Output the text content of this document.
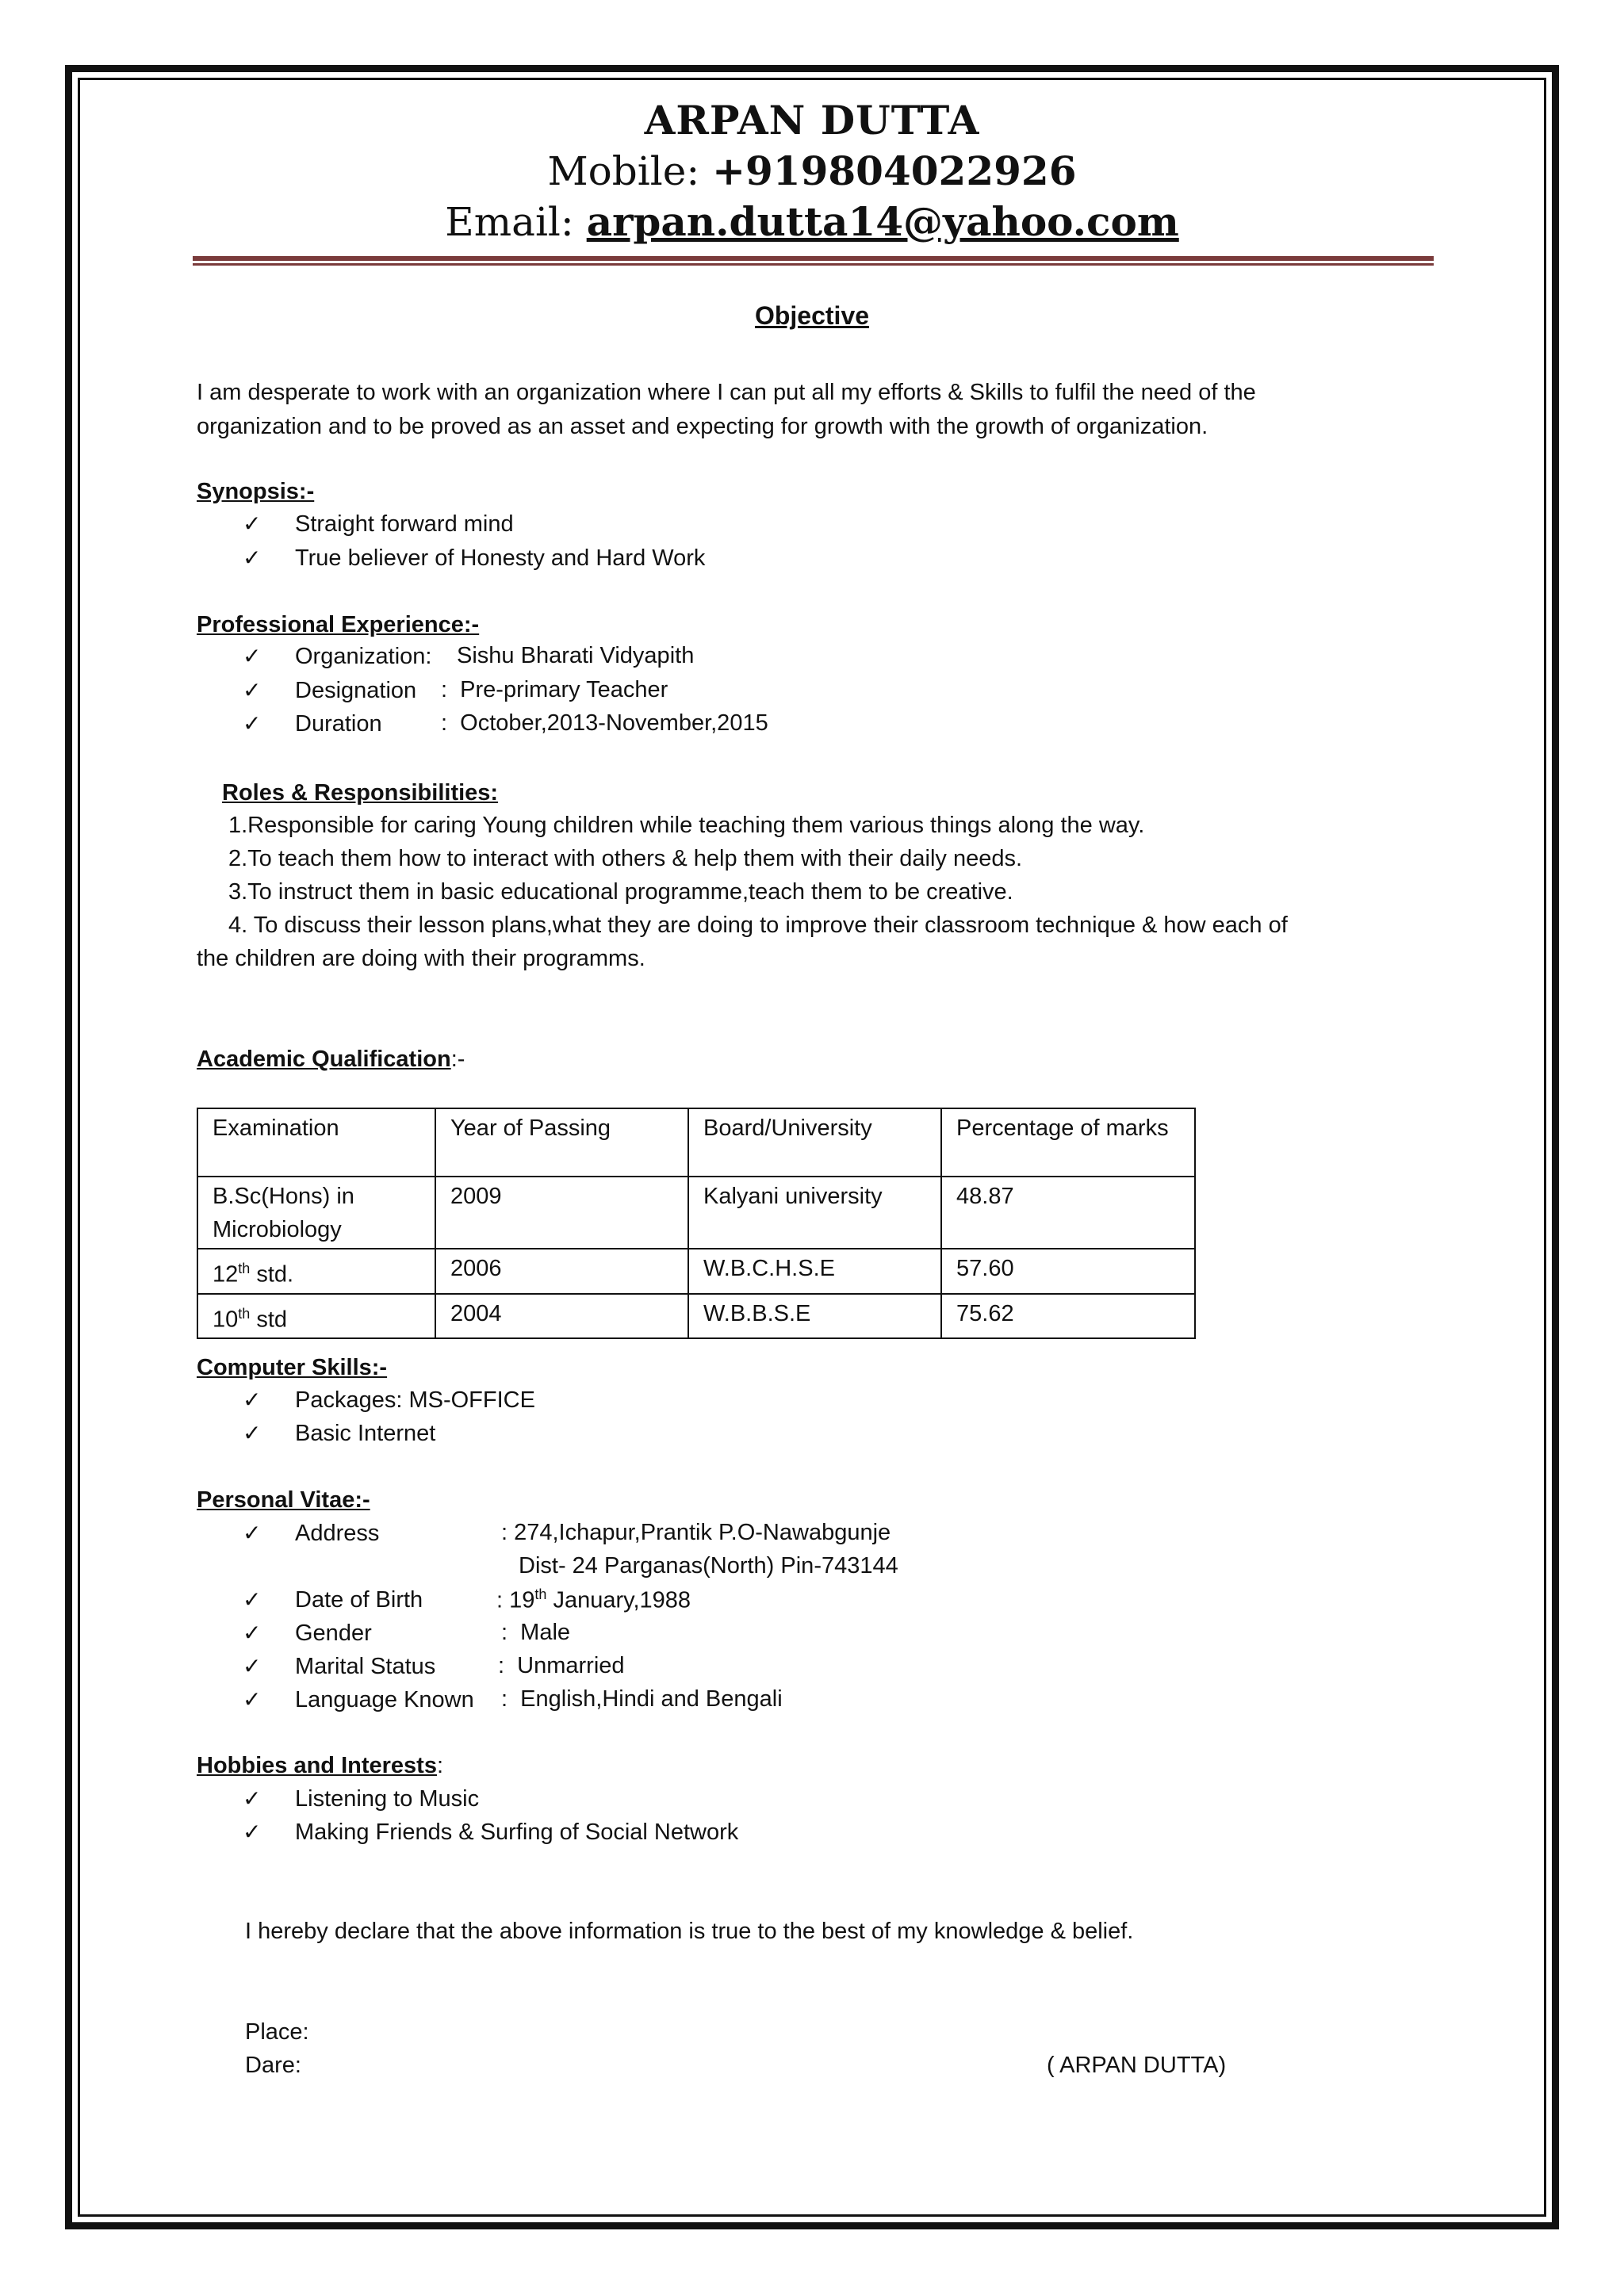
ARPAN DUTTA
Mobile: +919804022926
Email: arpan.dutta14@yahoo.com
Objective
I am desperate to work with an organization where I can put all my efforts & Skills to fulfil the need of the
organization and to be proved as an asset and expecting for growth with the growth of organization.
Synopsis:-
✓ Straight forward mind
✓ True believer of Honesty and Hard Work
Professional Experience:-
✓ Organization: Sishu Bharati Vidyapith
✓ Designation :  Pre-primary Teacher
✓ Duration	:  October,2013-November,2015
Roles & Responsibilities:
1.Responsible for caring Young children while teaching them various things along the way.
2.To teach them how to interact with others & help them with their daily needs.
3.To instruct them in basic educational programme,teach them to be creative.
4. To discuss their lesson plans,what they are doing to improve their classroom technique & how each of
the children are doing with their programms.
Academic Qualification:-
Examination	Year of Passing	Board/University	Percentage of marks
B.Sc(Hons) in Microbiology	2009	Kalyani university	48.87
12th std.	2006	W.B.C.H.S.E	57.60
10th std	2004	W.B.B.S.E	75.62
Computer Skills:-
✓ Packages: MS-OFFICE
✓ Basic Internet
Personal Vitae:-
✓ Address	: 274,Ichapur,Prantik P.O-Nawabgunje
Dist- 24 Parganas(North) Pin-743144
✓ Date of Birth	: 19th January,1988
✓ Gender	:  Male
✓ Marital Status	:  Unmarried
✓ Language Known :  English,Hindi and Bengali
Hobbies and Interests:
✓ Listening to Music
✓ Making Friends & Surfing of Social Network
I hereby declare that the above information is true to the best of my knowledge & belief.
Place:
Dare:	( ARPAN DUTTA)
